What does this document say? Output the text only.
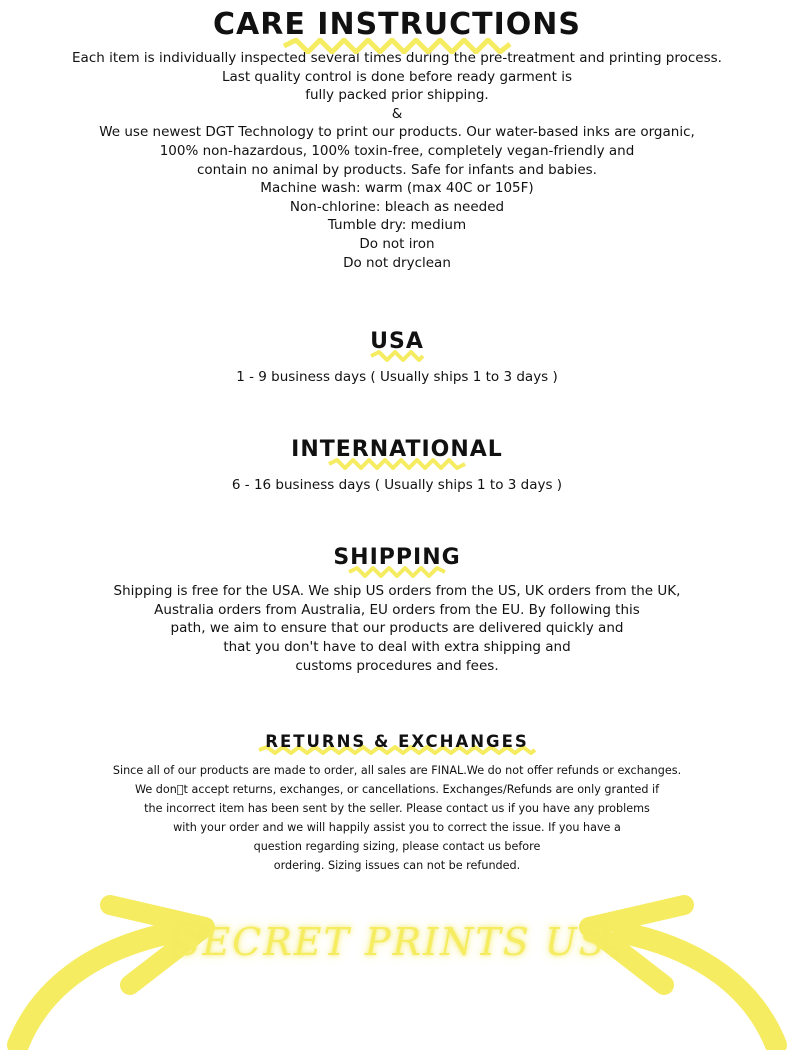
CARE INSTRUCTIONS
Each item is individually inspected several times during the pre-treatment and printing process.
Last quality control is done before ready garment is
fully packed prior shipping.
&
We use newest DGT Technology to print our products. Our water-based inks are organic,
100% non-hazardous, 100% toxin-free, completely vegan-friendly and
contain no animal by products. Safe for infants and babies.
Machine wash: warm (max 40C or 105F)
Non-chlorine: bleach as needed
Tumble dry: medium
Do not iron
Do not dryclean
USA
1 - 9 business days ( Usually ships 1 to 3 days )
INTERNATIONAL
6 - 16 business days ( Usually ships 1 to 3 days )
SHIPPING
Shipping is free for the USA. We ship US orders from the US, UK orders from the UK,
Australia orders from Australia, EU orders from the EU. By following this
path, we aim to ensure that our products are delivered quickly and
that you don't have to deal with extra shipping and
customs procedures and fees.
RETURNS & EXCHANGES
Since all of our products are made to order, all sales are FINAL.We do not offer refunds or exchanges.
We don t accept returns, exchanges, or cancellations. Exchanges/Refunds are only granted if
the incorrect item has been sent by the seller. Please contact us if you have any problems
with your order and we will happily assist you to correct the issue. If you have a
question regarding sizing, please contact us before
ordering. Sizing issues can not be refunded.
SECRET PRINTS US.
